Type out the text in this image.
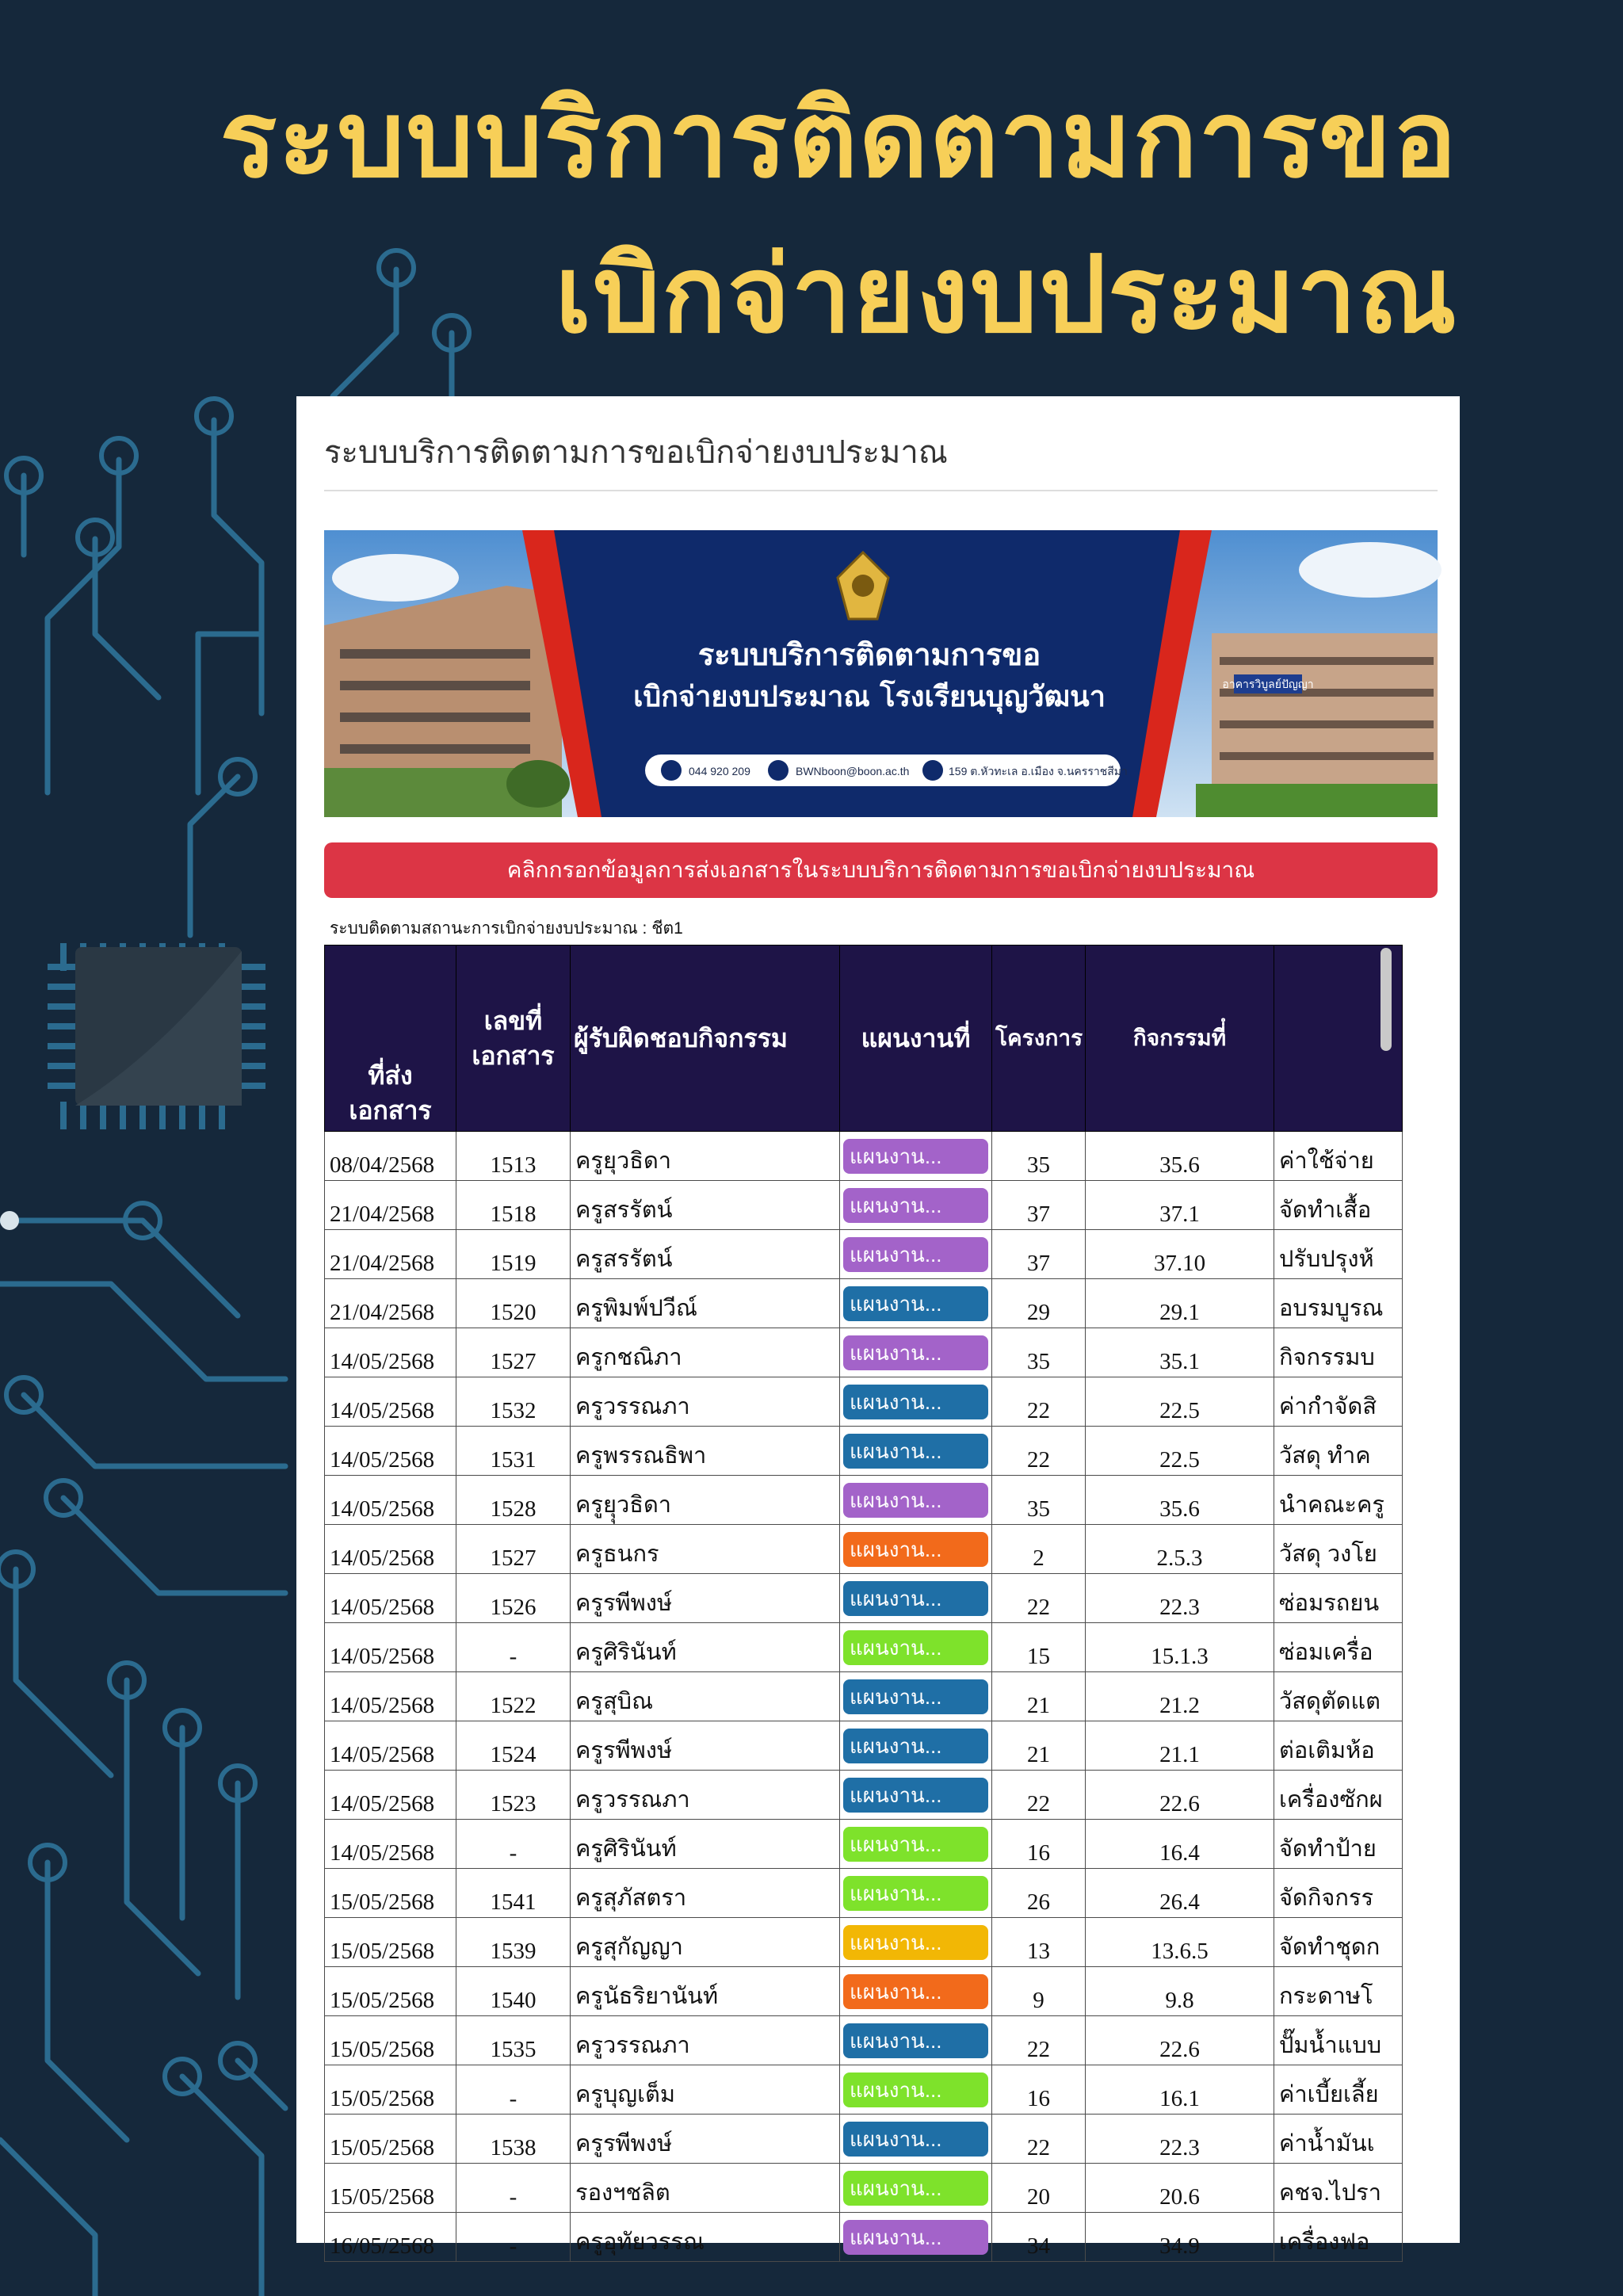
ระบบบริการติดตามการขอ
เบิกจ่ายงบประมาณ
ระบบบริการติดตามการขอเบิกจ่ายงบประมาณ
อาคารวิบูลย์ปัญญา
ระบบบริการติดตามการขอ
เบิกจ่ายงบประมาณ โรงเรียนบุญวัฒนา
044 920 209	BWNboon@boon.ac.th	159 ต.หัวทะเล อ.เมือง จ.นครราชสีมา
คลิกกรอกข้อมูลการส่งเอกสารในระบบบริการติดตามการขอเบิกจ่ายงบประมาณ
ระบบติดตามสถานะการเบิกจ่ายงบประมาณ : ชีต1
ที่ส่งเอกสาร	เลขที่เอกสาร	ผู้รับผิดชอบกิจกรรม	แผนงานที่	โครงการ	กิจกรรมที่ํ	
08/04/2568	1513	ครูยุวธิดา	แผนงาน...	35	35.6	ค่าใช้จ่าย
21/04/2568	1518	ครูสรรัตน์	แผนงาน...	37	37.1	จัดทำเสื้อ
21/04/2568	1519	ครูสรรัตน์	แผนงาน...	37	37.10	ปรับปรุงห้
21/04/2568	1520	ครูพิมพ์ปวีณ์	แผนงาน...	29	29.1	อบรมบูรณ
14/05/2568	1527	ครูกชณิภา	แผนงาน...	35	35.1	กิจกรรมบ
14/05/2568	1532	ครูวรรณภา	แผนงาน...	22	22.5	ค่ากำจัดสิ
14/05/2568	1531	ครูพรรณธิพา	แผนงาน...	22	22.5	วัสดุ ทำค
14/05/2568	1528	ครูยุุวธิดา	แผนงาน...	35	35.6	นำคณะครู
14/05/2568	1527	ครูธนกร	แผนงาน...	2	2.5.3	วัสดุ วงโย
14/05/2568	1526	ครูรพีพงษ์	แผนงาน...	22	22.3	ซ่อมรถยน
14/05/2568	-	ครูศิรินันท์	แผนงาน...	15	15.1.3	ซ่อมเครื่อ
14/05/2568	1522	ครูสุบิณ	แผนงาน...	21	21.2	วัสดุตัดแต
14/05/2568	1524	ครูรพีพงษ์	แผนงาน...	21	21.1	ต่อเติมห้อ
14/05/2568	1523	ครูวรรณภา	แผนงาน...	22	22.6	เครื่องซักผ
14/05/2568	-	ครูศิรินันท์	แผนงาน...	16	16.4	จัดทำป้าย
15/05/2568	1541	ครูสุภัสตรา	แผนงาน...	26	26.4	จัดกิจกรร
15/05/2568	1539	ครูสุกัญญา	แผนงาน...	13	13.6.5	จัดทำชุดก
15/05/2568	1540	ครูนัธริยานันท์	แผนงาน...	9	9.8	กระดาษโ
15/05/2568	1535	ครูวรรณภา	แผนงาน...	22	22.6	ปั๊มน้ำแบบ
15/05/2568	-	ครูบุญเต็ม	แผนงาน...	16	16.1	ค่าเบี้ยเลี้ย
15/05/2568	1538	ครูรพีพงษ์	แผนงาน...	22	22.3	ค่าน้ำมันเ
15/05/2568	-	รองฯชลิต	แผนงาน...	20	20.6	คชจ.ไปรา
16/05/2568	-	ครูอุทัยวรรณ	แผนงาน...	34	34.9	เครื่องฟอ
